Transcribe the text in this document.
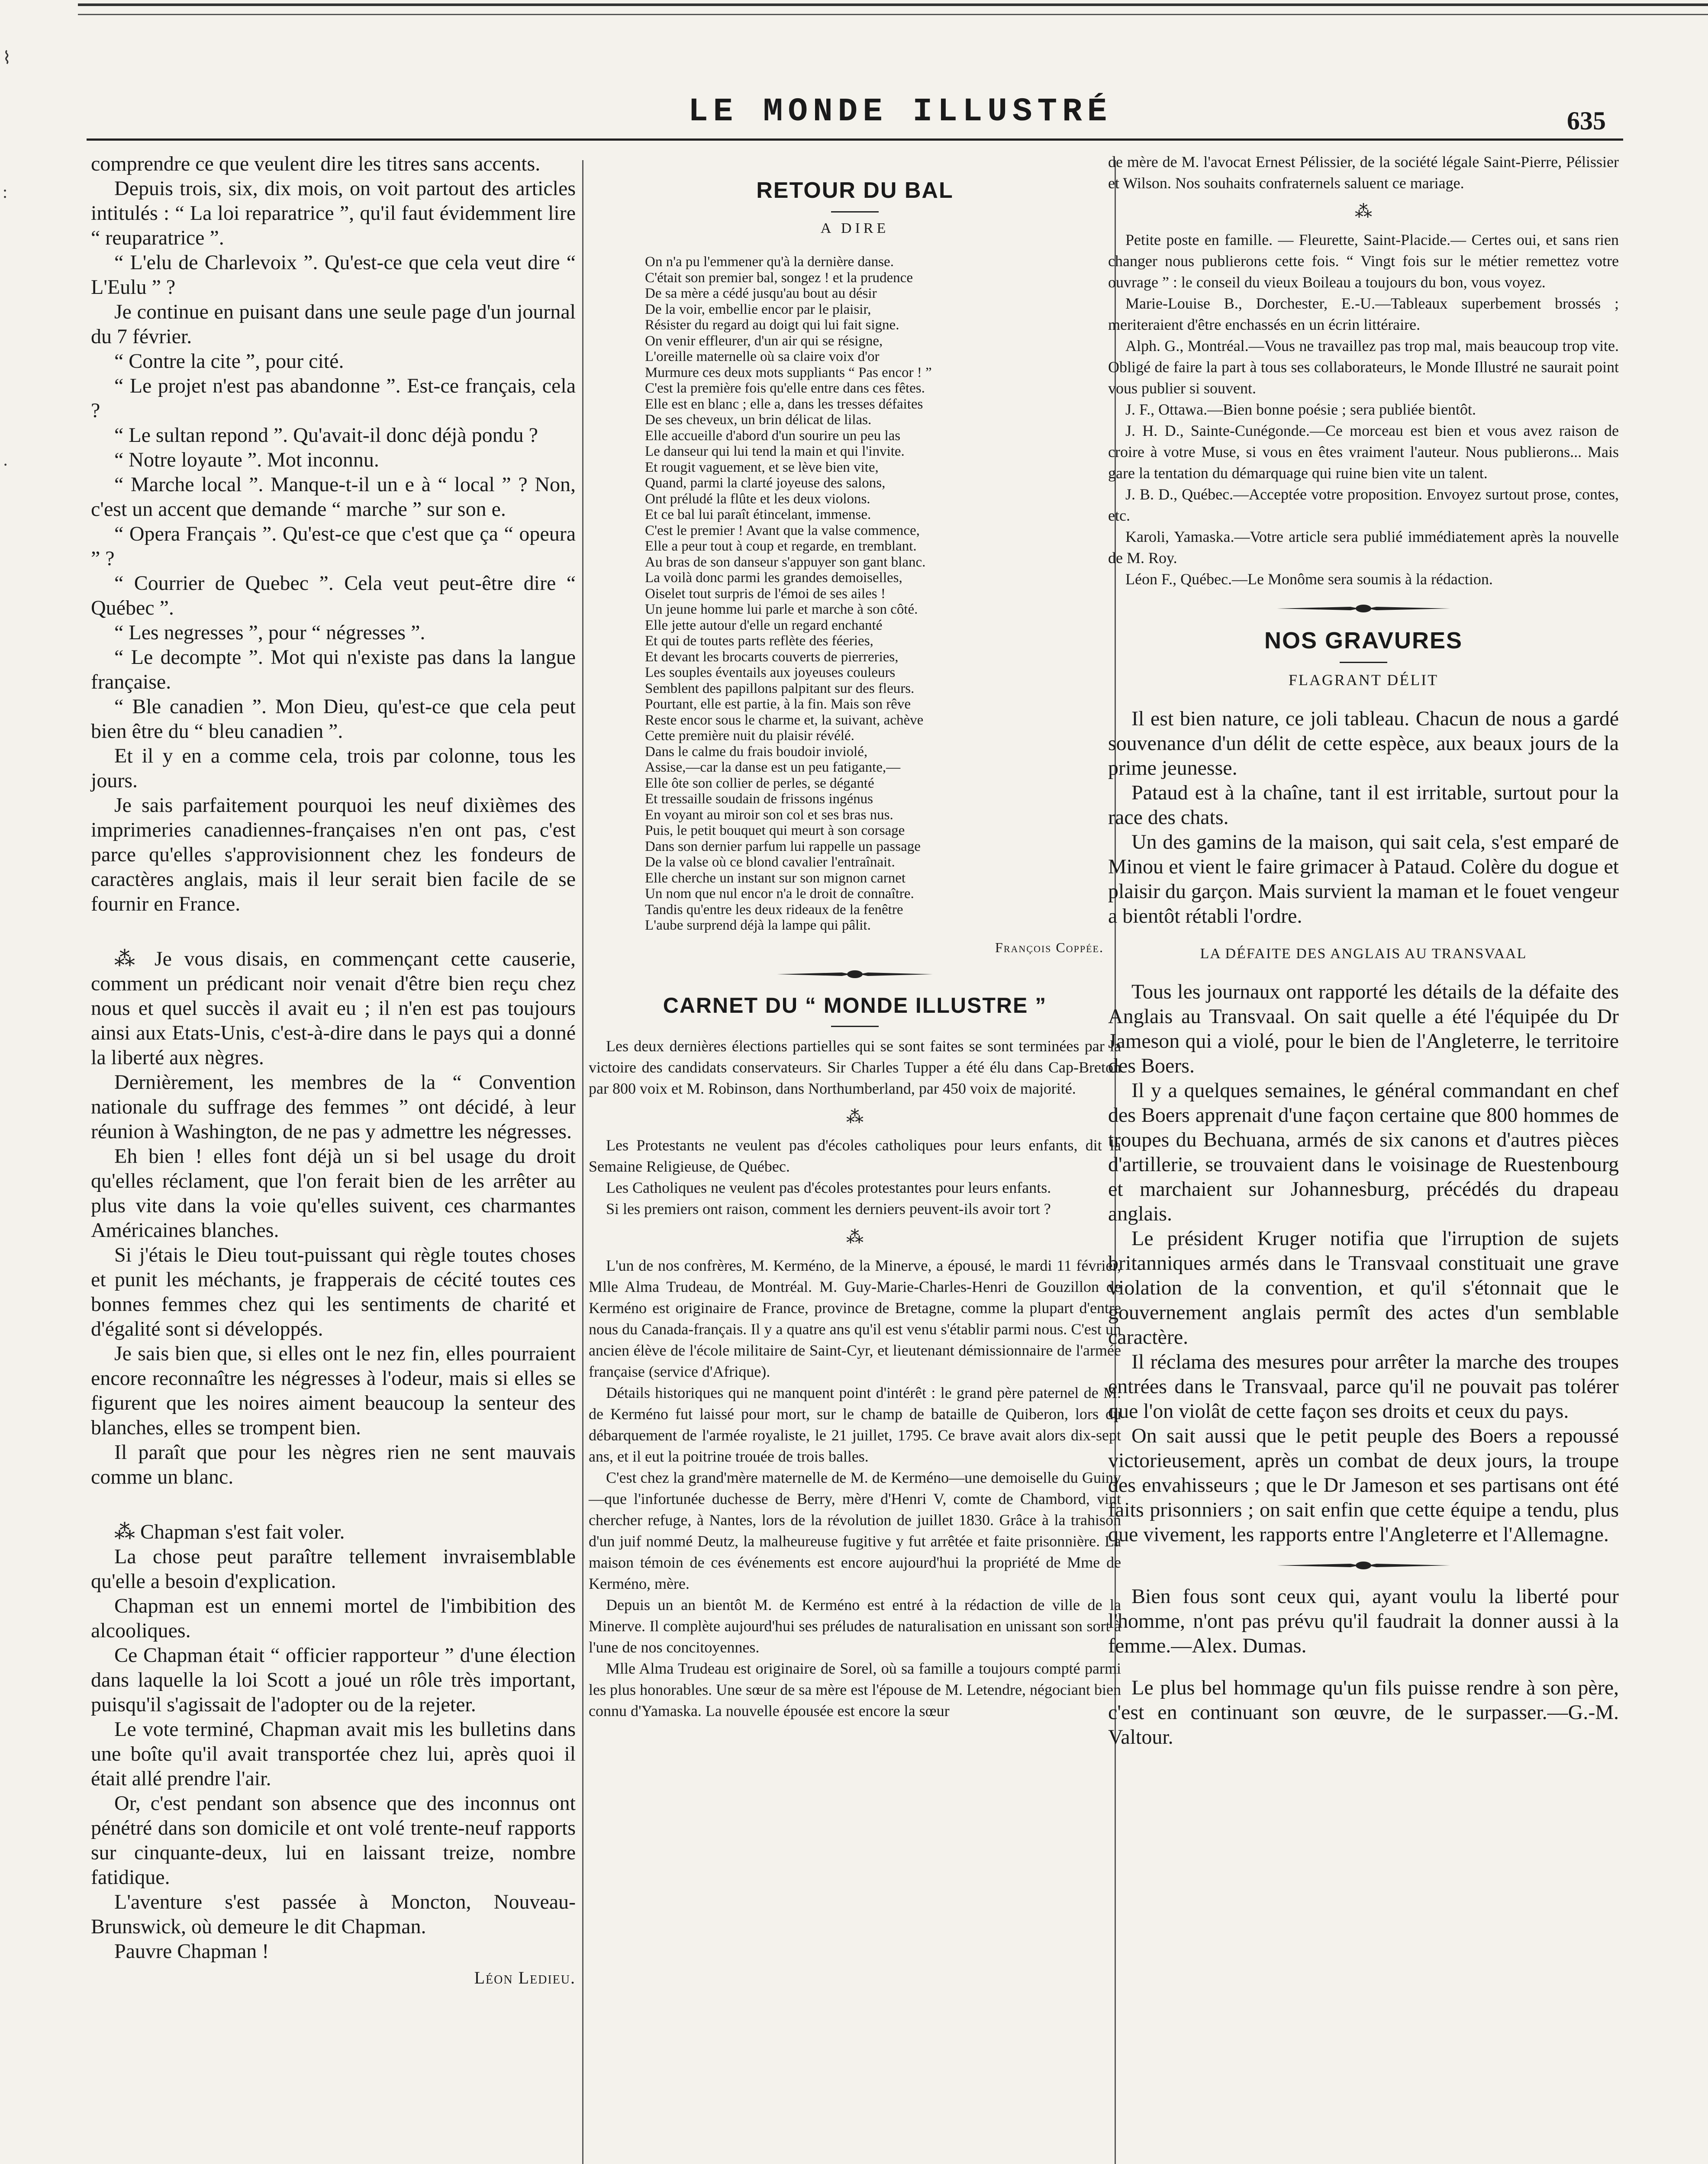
⌇
:
·
LE MONDE ILLUSTRÉ	635

comprendre ce que veulent dire les titres sans accents.

Depuis trois, six, dix mois, on voit partout des articles intitulés : “ La loi reparatrice ”, qu'il faut évidemment lire “ reuparatrice ”.

“ L'elu de Charlevoix ”. Qu'est-ce que cela veut dire “ L'Eulu ” ?

Je continue en puisant dans une seule page d'un journal du 7 février.

“ Contre la cite ”, pour cité.

“ Le projet n'est pas abandonne ”. Est-ce français, cela ?

“ Le sultan repond ”. Qu'avait-il donc déjà pondu ?

“ Notre loyaute ”. Mot inconnu.

“ Marche local ”. Manque-t-il un e à “ local ” ? Non, c'est un accent que demande “ marche ” sur son e.

“ Opera Français ”. Qu'est-ce que c'est que ça “ opeura ” ?

“ Courrier de Quebec ”. Cela veut peut-être dire “ Québec ”.

“ Les negresses ”, pour “ négresses ”.

“ Le decompte ”. Mot qui n'existe pas dans la langue française.

“ Ble canadien ”. Mon Dieu, qu'est-ce que cela peut bien être du “ bleu canadien ”.

Et il y en a comme cela, trois par colonne, tous les jours.

Je sais parfaitement pourquoi les neuf dixièmes des imprimeries canadiennes-françaises n'en ont pas, c'est parce qu'elles s'approvisionnent chez les fondeurs de caractères anglais, mais il leur serait bien facile de se fournir en France.

⁂ Je vous disais, en commençant cette causerie, comment un prédicant noir venait d'être bien reçu chez nous et quel succès il avait eu ; il n'en est pas toujours ainsi aux Etats-Unis, c'est-à-dire dans le pays qui a donné la liberté aux nègres.

Dernièrement, les membres de la “ Convention nationale du suffrage des femmes ” ont décidé, à leur réunion à Washington, de ne pas y admettre les négresses.

Eh bien ! elles font déjà un si bel usage du droit qu'elles réclament, que l'on ferait bien de les arrêter au plus vite dans la voie qu'elles suivent, ces charmantes Américaines blanches.

Si j'étais le Dieu tout-puissant qui règle toutes choses et punit les méchants, je frapperais de cécité toutes ces bonnes femmes chez qui les sentiments de charité et d'égalité sont si développés.

Je sais bien que, si elles ont le nez fin, elles pourraient encore reconnaître les négresses à l'odeur, mais si elles se figurent que les noires aiment beaucoup la senteur des blanches, elles se trompent bien.

Il paraît que pour les nègres rien ne sent mauvais comme un blanc.

⁂ Chapman s'est fait voler.

La chose peut paraître tellement invraisemblable qu'elle a besoin d'explication.

Chapman est un ennemi mortel de l'imbibition des alcooliques.

Ce Chapman était “ officier rapporteur ” d'une élection dans laquelle la loi Scott a joué un rôle très important, puisqu'il s'agissait de l'adopter ou de la rejeter.

Le vote terminé, Chapman avait mis les bulletins dans une boîte qu'il avait transportée chez lui, après quoi il était allé prendre l'air.

Or, c'est pendant son absence que des inconnus ont pénétré dans son domicile et ont volé trente-neuf rapports sur cinquante-deux, lui en laissant treize, nombre fatidique.

L'aventure s'est passée à Moncton, Nouveau-Brunswick, où demeure le dit Chapman.

Pauvre Chapman !

Léon Ledieu.
RETOUR DU BAL
A DIRE
On n'a pu l'emmener qu'à la dernière danse.
C'était son premier bal, songez ! et la prudence
De sa mère a cédé jusqu'au bout au désir
De la voir, embellie encor par le plaisir,
Résister du regard au doigt qui lui fait signe.
On venir effleurer, d'un air qui se résigne,
L'oreille maternelle où sa claire voix d'or
Murmure ces deux mots suppliants “ Pas encor ! ”
C'est la première fois qu'elle entre dans ces fêtes.
Elle est en blanc ; elle a, dans les tresses défaites
De ses cheveux, un brin délicat de lilas.
Elle accueille d'abord d'un sourire un peu las
Le danseur qui lui tend la main et qui l'invite.
Et rougit vaguement, et se lève bien vite,
Quand, parmi la clarté joyeuse des salons,
Ont préludé la flûte et les deux violons.
Et ce bal lui paraît étincelant, immense.
C'est le premier ! Avant que la valse commence,
Elle a peur tout à coup et regarde, en tremblant.
Au bras de son danseur s'appuyer son gant blanc.
La voilà donc parmi les grandes demoiselles,
Oiselet tout surpris de l'émoi de ses ailes !
Un jeune homme lui parle et marche à son côté.
Elle jette autour d'elle un regard enchanté
Et qui de toutes parts reflète des féeries,
Et devant les brocarts couverts de pierreries,
Les souples éventails aux joyeuses couleurs
Semblent des papillons palpitant sur des fleurs.
Pourtant, elle est partie, à la fin. Mais son rêve
Reste encor sous le charme et, la suivant, achève
Cette première nuit du plaisir révélé.
Dans le calme du frais boudoir inviolé,
Assise,—car la danse est un peu fatigante,—
Elle ôte son collier de perles, se déganté
Et tressaille soudain de frissons ingénus
En voyant au miroir son col et ses bras nus.
Puis, le petit bouquet qui meurt à son corsage
Dans son dernier parfum lui rappelle un passage
De la valse où ce blond cavalier l'entraînait.
Elle cherche un instant sur son mignon carnet
Un nom que nul encor n'a le droit de connaître.
Tandis qu'entre les deux rideaux de la fenêtre
L'aube surprend déjà la lampe qui pâlit.
François Coppée.
CARNET DU “ MONDE ILLUSTRE ”

Les deux dernières élections partielles qui se sont faites se sont terminées par la victoire des candidats conservateurs. Sir Charles Tupper a été élu dans Cap-Breton par 800 voix et M. Robinson, dans Northumberland, par 450 voix de majorité.

⁂

Les Protestants ne veulent pas d'écoles catholiques pour leurs enfants, dit la Semaine Religieuse, de Québec.

Les Catholiques ne veulent pas d'écoles protestantes pour leurs enfants.

Si les premiers ont raison, comment les derniers peuvent-ils avoir tort ?

⁂

L'un de nos confrères, M. Kerméno, de la Minerve, a épousé, le mardi 11 février, Mlle Alma Trudeau, de Montréal. M. Guy-Marie-Charles-Henri de Gouzillon de Kerméno est originaire de France, province de Bretagne, comme la plupart d'entre nous du Canada-français. Il y a quatre ans qu'il est venu s'établir parmi nous. C'est un ancien élève de l'école militaire de Saint-Cyr, et lieutenant démissionnaire de l'armée française (service d'Afrique).

Détails historiques qui ne manquent point d'intérêt : le grand père paternel de M. de Kerméno fut laissé pour mort, sur le champ de bataille de Quiberon, lors du débarquement de l'armée royaliste, le 21 juillet, 1795. Ce brave avait alors dix-sept ans, et il eut la poitrine trouée de trois balles.

C'est chez la grand'mère maternelle de M. de Kerméno—une demoiselle du Guiny—que l'infortunée duchesse de Berry, mère d'Henri V, comte de Chambord, vint chercher refuge, à Nantes, lors de la révolution de juillet 1830. Grâce à la trahison d'un juif nommé Deutz, la malheureuse fugitive y fut arrêtée et faite prisonnière. La maison témoin de ces événements est encore aujourd'hui la propriété de Mme de Kerméno, mère.

Depuis un an bientôt M. de Kerméno est entré à la rédaction de ville de la Minerve. Il complète aujourd'hui ses préludes de naturalisation en unissant son sort à l'une de nos concitoyennes.

Mlle Alma Trudeau est originaire de Sorel, où sa famille a toujours compté parmi les plus honorables. Une sœur de sa mère est l'épouse de M. Letendre, négociant bien connu d'Yamaska. La nouvelle épousée est encore la sœur

de mère de M. l'avocat Ernest Pélissier, de la société légale Saint-Pierre, Pélissier et Wilson. Nos souhaits confraternels saluent ce mariage.

⁂

Petite poste en famille. — Fleurette, Saint-Placide.— Certes oui, et sans rien changer nous publierons cette fois. “ Vingt fois sur le métier remettez votre ouvrage ” : le conseil du vieux Boileau a toujours du bon, vous voyez.

Marie-Louise B., Dorchester, E.-U.—Tableaux superbement brossés ; meriteraient d'être enchassés en un écrin littéraire.

Alph. G., Montréal.—Vous ne travaillez pas trop mal, mais beaucoup trop vite. Obligé de faire la part à tous ses collaborateurs, le Monde Illustré ne saurait point vous publier si souvent.

J. F., Ottawa.—Bien bonne poésie ; sera publiée bientôt.

J. H. D., Sainte-Cunégonde.—Ce morceau est bien et vous avez raison de croire à votre Muse, si vous en êtes vraiment l'auteur. Nous publierons... Mais gare la tentation du démarquage qui ruine bien vite un talent.

J. B. D., Québec.—Acceptée votre proposition. Envoyez surtout prose, contes, etc.

Karoli, Yamaska.—Votre article sera publié immédiatement après la nouvelle de M. Roy.

Léon F., Québec.—Le Monôme sera soumis à la rédaction.

NOS GRAVURES
FLAGRANT DÉLIT

Il est bien nature, ce joli tableau. Chacun de nous a gardé souvenance d'un délit de cette espèce, aux beaux jours de la prime jeunesse.

Pataud est à la chaîne, tant il est irritable, surtout pour la race des chats.

Un des gamins de la maison, qui sait cela, s'est emparé de Minou et vient le faire grimacer à Pataud. Colère du dogue et plaisir du garçon. Mais survient la maman et le fouet vengeur a bientôt rétabli l'ordre.

LA DÉFAITE DES ANGLAIS AU TRANSVAAL

Tous les journaux ont rapporté les détails de la défaite des Anglais au Transvaal. On sait quelle a été l'équipée du Dr Jameson qui a violé, pour le bien de l'Angleterre, le territoire des Boers.

Il y a quelques semaines, le général commandant en chef des Boers apprenait d'une façon certaine que 800 hommes de troupes du Bechuana, armés de six canons et d'autres pièces d'artillerie, se trouvaient dans le voisinage de Ruestenbourg et marchaient sur Johannesburg, précédés du drapeau anglais.

Le président Kruger notifia que l'irruption de sujets britanniques armés dans le Transvaal constituait une grave violation de la convention, et qu'il s'étonnait que le gouvernement anglais permît des actes d'un semblable caractère.

Il réclama des mesures pour arrêter la marche des troupes entrées dans le Transvaal, parce qu'il ne pouvait pas tolérer que l'on violât de cette façon ses droits et ceux du pays.

On sait aussi que le petit peuple des Boers a repoussé victorieusement, après un combat de deux jours, la troupe des envahisseurs ; que le Dr Jameson et ses partisans ont été faits prisonniers ; on sait enfin que cette équipe a tendu, plus que vivement, les rapports entre l'Angleterre et l'Allemagne.

Bien fous sont ceux qui, ayant voulu la liberté pour l'homme, n'ont pas prévu qu'il faudrait la donner aussi à la femme.—Alex. Dumas.

Le plus bel hommage qu'un fils puisse rendre à son père, c'est en continuant son œuvre, de le surpasser.—G.-M. Valtour.
